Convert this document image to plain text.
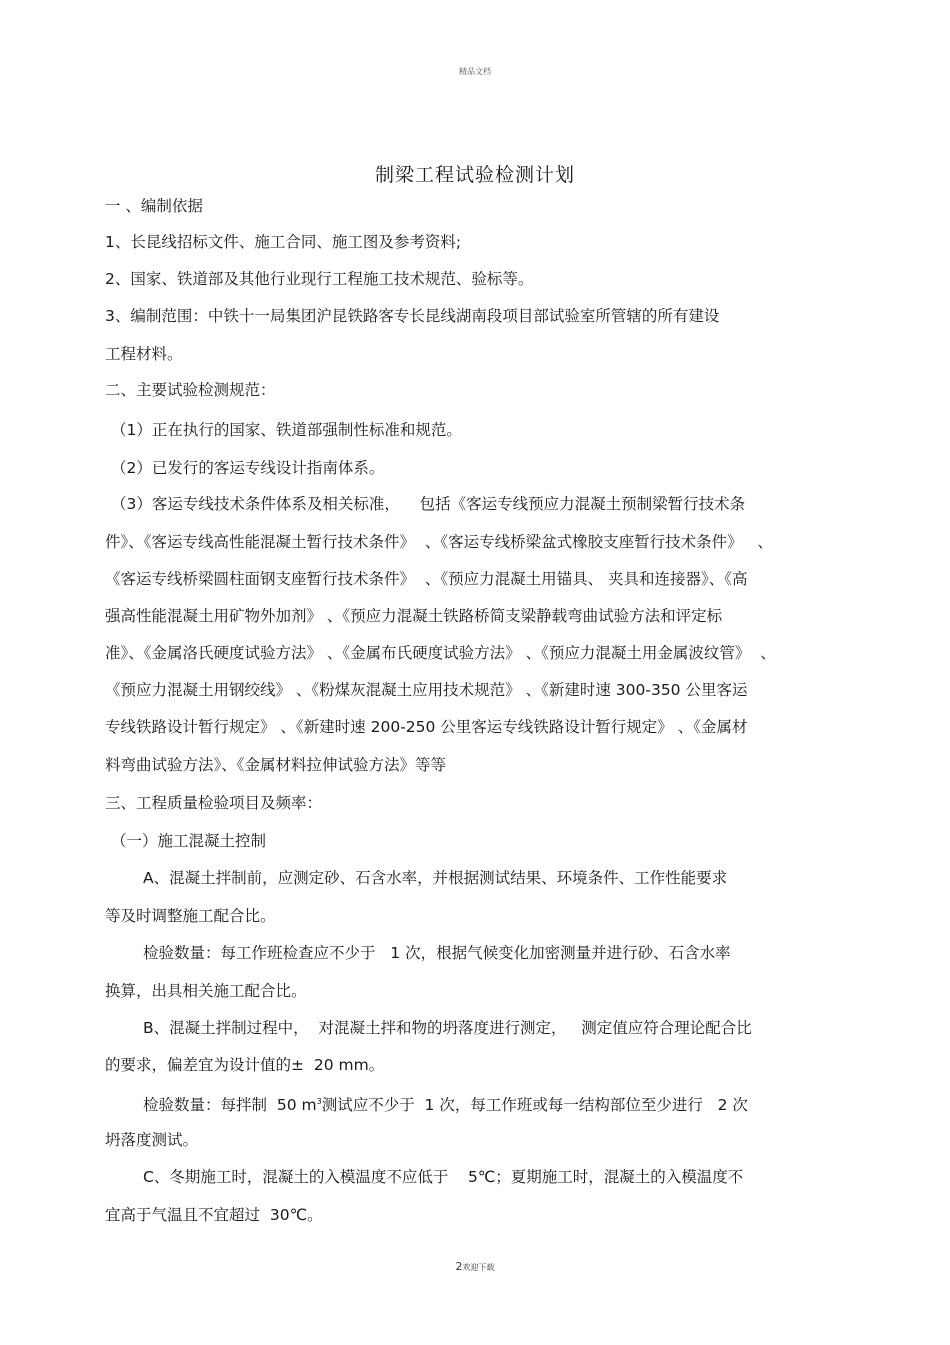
精品文档
制梁工程试验检测计划
一 、编制依据
1、长昆线招标文件、施工合同、施工图及参考资料;
2、国家、铁道部及其他行业现行工程施工技术规范、验标等。
3、编制范围：中铁十一局集团沪昆铁路客专长昆线湖南段项目部试验室所管辖的所有建设
工程材料。
二、主要试验检测规范：
（1）正在执行的国家、铁道部强制性标准和规范。
（2）已发行的客运专线设计指南体系。
（3）客运专线技术条件体系及相关标准，    包括《客运专线预应力混凝土预制梁暂行技术条
件》、《客运专线高性能混凝土暂行技术条件》  、《客运专线桥梁盆式橡胶支座暂行技术条件》   、
《客运专线桥梁圆柱面钢支座暂行技术条件》  、《预应力混凝土用锚具、 夹具和连接器》、《高
强高性能混凝土用矿物外加剂》 、《预应力混凝土铁路桥简支梁静载弯曲试验方法和评定标
准》、《金属洛氏硬度试验方法》 、《金属布氏硬度试验方法》 、《预应力混凝土用金属波纹管》  、
《预应力混凝土用钢绞线》 、《粉煤灰混凝土应用技术规范》 、《新建时速 300-350 公里客运
专线铁路设计暂行规定》 、《新建时速 200-250 公里客运专线铁路设计暂行规定》 、《金属材
料弯曲试验方法》、《金属材料拉伸试验方法》等等
三、工程质量检验项目及频率：
（一）施工混凝土控制
A、混凝土拌制前，应测定砂、石含水率，并根据测试结果、环境条件、工作性能要求
等及时调整施工配合比。
检验数量：每工作班检查应不少于   1 次，根据气候变化加密测量并进行砂、石含水率
换算，出具相关施工配合比。
B、混凝土拌制过程中，  对混凝土拌和物的坍落度进行测定，   测定值应符合理论配合比
的要求，偏差宜为设计值的±  20 mm。
检验数量：每拌制  50 $m^3$测试应不少于  1 次，每工作班或每一结构部位至少进行   2 次
坍落度测试。
C、冬期施工时，混凝土的入模温度不应低于    5℃；夏期施工时，混凝土的入模温度不
宜高于气温且不宜超过  30℃。
2欢迎下载
